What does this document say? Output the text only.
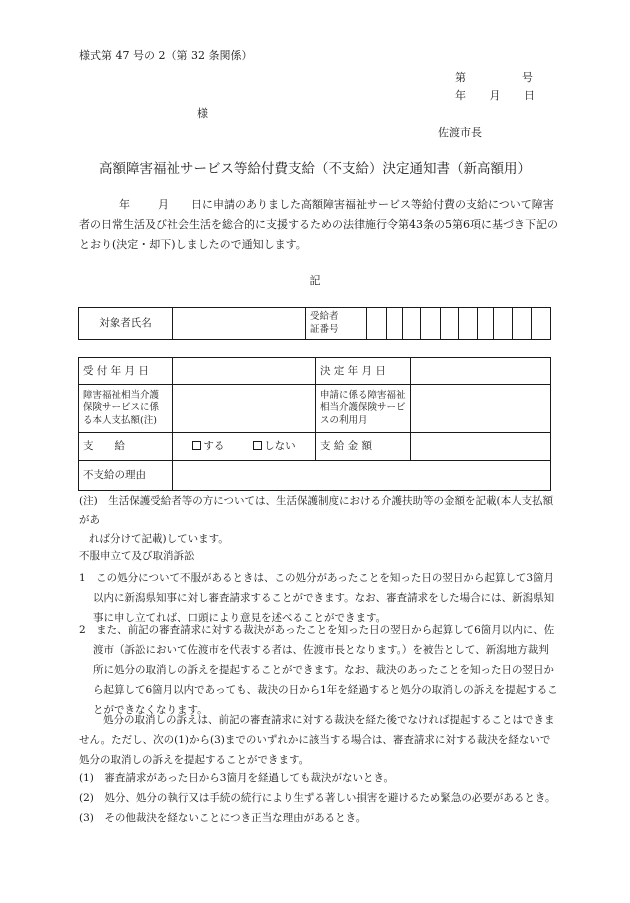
様式第 47 号の 2（第 32 条関係）
第	号
年 月 日
様
佐渡市長
高額障害福祉サービス等給付費支給（不支給）決定通知書（新高額用）
年	月 日に申請のありました高額障害福祉サービス等給付費の支給について障害者の日常生活及び社会生活を総合的に支援するための法律施行令第43条の5第6項に基づき下記のとおり(決定・却下)しましたので通知します。
記
対象者氏名		受給者
証番号										
受 付 年 月 日		決 定 年 月 日	
障害福祉相当介護保険サービスに係る本人支払額(注)		申請に係る障害福祉相当介護保険サービスの利用月	
支　　給	する しない	支 給 金 額	
不支給の理由			
(注)　生活保護受給者等の方については、生活保護制度における介護扶助等の金額を記載(本人支払額があ
れば分けて記載)しています。
不服申立て及び取消訴訟
1　この処分について不服があるときは、この処分があったことを知った日の翌日から起算して3箇月以内に新潟県知事に対し審査請求することができます。なお、審査請求をした場合には、新潟県知事に申し立てれば、口頭により意見を述べることができます。
2　また、前記の審査請求に対する裁決があったことを知った日の翌日から起算して6箇月以内に、佐渡市（訴訟において佐渡市を代表する者は、佐渡市長となります。）を被告として、新潟地方裁判所に処分の取消しの訴えを提起することができます。なお、裁決のあったことを知った日の翌日から起算して6箇月以内であっても、裁決の日から1年を経過すると処分の取消しの訴えを提起することができなくなります。
処分の取消しの訴えは、前記の審査請求に対する裁決を経た後でなければ提起することはできません。ただし、次の(1)から(3)までのいずれかに該当する場合は、審査請求に対する裁決を経ないで処分の取消しの訴えを提起することができます。
(1)　審査請求があった日から3箇月を経過しても裁決がないとき。
(2)　処分、処分の執行又は手続の続行により生ずる著しい損害を避けるため緊急の必要があるとき。
(3)　その他裁決を経ないことにつき正当な理由があるとき。
